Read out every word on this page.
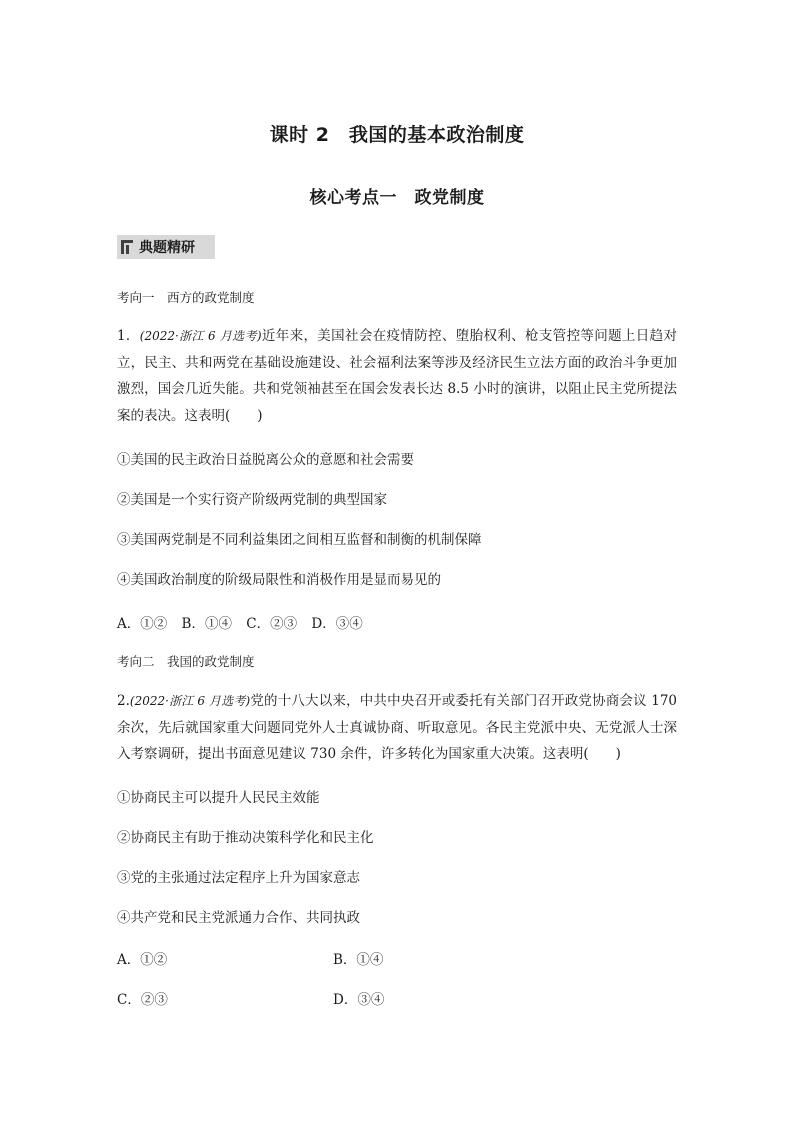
课时 2　我国的基本政治制度
核心考点一　政党制度
典题精研
考向一　西方的政党制度
1．(2022·浙江 6 月选考)近年来，美国社会在疫情防控、堕胎权利、枪支管控等问题上日趋对立，民主、共和两党在基础设施建设、社会福利法案等涉及经济民生立法方面的政治斗争更加激烈，国会几近失能。共和党领袖甚至在国会发表长达 8.5 小时的演讲，以阻止民主党所提法案的表决。这表明(　　)
①美国的民主政治日益脱离公众的意愿和社会需要
②美国是一个实行资产阶级两党制的典型国家
③美国两党制是不同利益集团之间相互监督和制衡的机制保障
④美国政治制度的阶级局限性和消极作用是显而易见的
A．①② B．①④ C．②③ D．③④
考向二　我国的政党制度
2.(2022·浙江 6 月选考)党的十八大以来，中共中央召开或委托有关部门召开政党协商会议 170 余次，先后就国家重大问题同党外人士真诚协商、听取意见。各民主党派中央、无党派人士深入考察调研，提出书面意见建议 730 余件，许多转化为国家重大决策。这表明(　　)
①协商民主可以提升人民民主效能
②协商民主有助于推动决策科学化和民主化
③党的主张通过法定程序上升为国家意志
④共产党和民主党派通力合作、共同执政
A．①②	B．①④
C．②③	D．③④
